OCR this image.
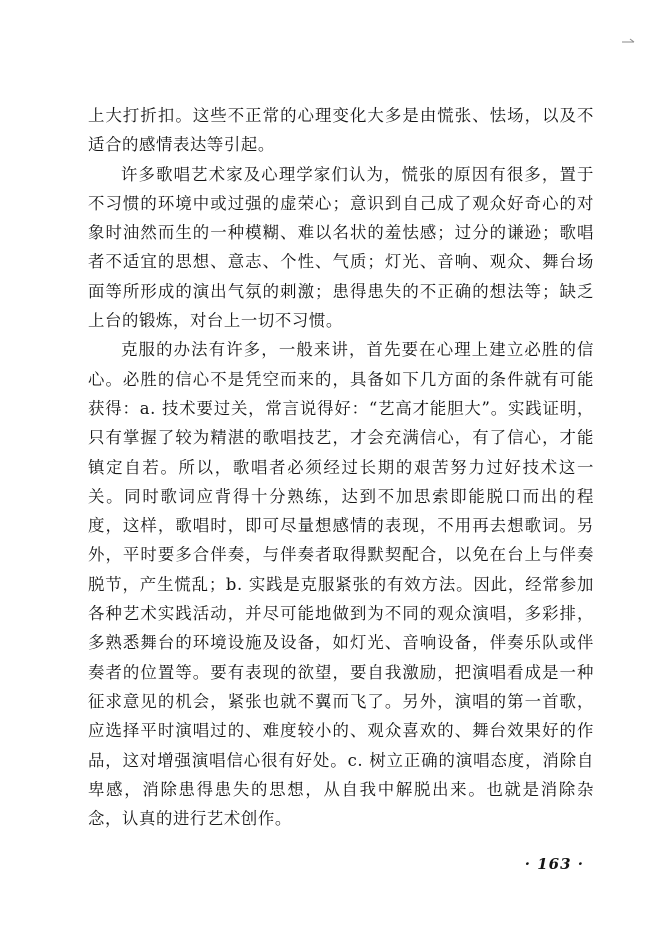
上大打折扣。这些不正常的心理变化大多是由慌张、怯场，以及不适合的感情表达等引起。

许多歌唱艺术家及心理学家们认为，慌张的原因有很多，置于不习惯的环境中或过强的虚荣心；意识到自己成了观众好奇心的对象时油然而生的一种模糊、难以名状的羞怯感；过分的谦逊；歌唱者不适宜的思想、意志、个性、气质；灯光、音响、观众、舞台场面等所形成的演出气氛的刺激；患得患失的不正确的想法等；缺乏上台的锻炼，对台上一切不习惯。

克服的办法有许多，一般来讲，首先要在心理上建立必胜的信心。必胜的信心不是凭空而来的，具备如下几方面的条件就有可能获得：a. 技术要过关，常言说得好：“艺高才能胆大”。实践证明，只有掌握了较为精湛的歌唱技艺，才会充满信心，有了信心，才能镇定自若。所以，歌唱者必须经过长期的艰苦努力过好技术这一关。同时歌词应背得十分熟练，达到不加思索即能脱口而出的程度，这样，歌唱时，即可尽量想感情的表现，不用再去想歌词。另外，平时要多合伴奏，与伴奏者取得默契配合，以免在台上与伴奏脱节，产生慌乱；b. 实践是克服紧张的有效方法。因此，经常参加各种艺术实践活动，并尽可能地做到为不同的观众演唱，多彩排，多熟悉舞台的环境设施及设备，如灯光、音响设备，伴奏乐队或伴奏者的位置等。要有表现的欲望，要自我激励，把演唱看成是一种征求意见的机会，紧张也就不翼而飞了。另外，演唱的第一首歌，应选择平时演唱过的、难度较小的、观众喜欢的、舞台效果好的作品，这对增强演唱信心很有好处。c. 树立正确的演唱态度，消除自卑感，消除患得患失的思想，从自我中解脱出来。也就是消除杂念，认真的进行艺术创作。

· 163 ·
